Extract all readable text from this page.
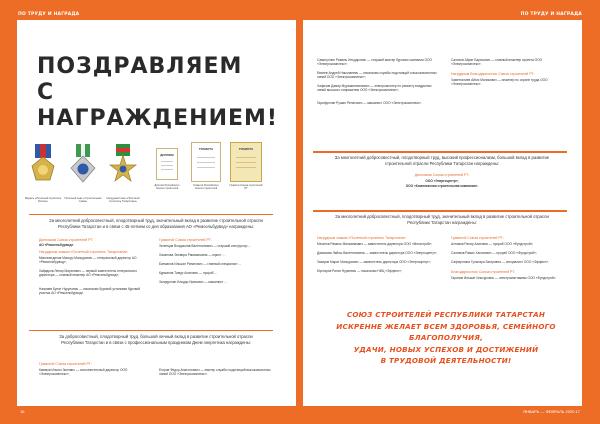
ПО ТРУДУ И НАГРАДА	ПО ТРУДУ И НАГРАДА
ПОЗДРАВЛЯЕМ
С НАГРАЖДЕНИЕМ!
Медаль «Почетный строитель России»
Почетный знак «Строительная слава»
Нагрудный знак «Почетный строитель Татарстана»
ДИПЛОМ
Диплом Российского Союза строителей
ГРАМОТА
Грамота Российского Союза строителей
ГРАМОТА
Грамота Союза строителей РТ
За многолетний добросовестный, плодотворный труд, значительный вклад в развитие строительной отрасли Республики Татарстан и в связи с 45-летием со дня образования АО «Ремсельбурвод» награждены:
Дипломом Союза строителей РТ:
АО «Ремсельбурвод».
Нагрудным знаком «Почетный строитель Татарстана»:
Мингазетдинов Мансур Мансурович — генеральный директор АО «Ремсельбурвод»;
Хайдаров Ленар Маратович — первый заместитель генерального директора — главный инженер АО «Ремсельбурвод»;
Назмиев Булат Нурулович — начальник буровой установки буровой участка АО «Ремсельбурвод».
Грамотой Союза строителей РТ:
Зеленцов Владислав Валентинович — старший инструктор ...
Хасанова Эльвира Рамазановна — юрист ...
Батманов Ильшат Ринатович — главный специалист ...
Курманов Тимур Ахатович — прораб ...
Загидуллин Ильдар Ирекович — машинист ...
За добросовестный, плодотворный труд, большой личный вклад в развитие строительной отрасли Республики Татарстан и в связи с профессиональным праздником Днем энергетика награждены:
Грамотой Союза строителей РТ:
Каюмов Ильгиз Зинович — исполнительный директор ООО «Электрокомплекс»;
Егоров Федор Анатольевич — мастер службы подстанций высоковольтных линий ООО «Электрокомплекс».
Самигуллин Рамиль Ильдарович — старший мастер буровых компании ООО «Электрокомплекс»;
Евсеев Андрей Николаевич — начальник службы подстанций и высоковольтных линий ООО «Электрокомплекс»;
Хафизов Дамир Мурзакитиванович — электромонтер по ремонту воздушных линий высокого напряжения ООО «Электрокомплекс»;
Гарифуллин Рушан Ренатович — машинист ООО «Электрокомплекс».
Салихов Айрат Барисович — главный инженер проекта ООО «Электрокомплекс».
Нагрудным Благодарностью Союза строителей РТ:
Хаметгалиев Айгиз Маликович — инженер по охране труда ООО «Электрокомплекс».
За многолетний добросовестный, плодотворный труд, высокий профессионализм, большой вклад в развитие строительной отрасли Республики Татарстан награждены:
Дипломом Союза строителей РТ:
ООО «Энергоцентр»;
ООО «Комплексная строительная компания».
За многолетний добросовестный, плодотворный труд, значительный вклад в развитие строительной отрасли Республики Татарстан награждены:
Нагрудным знаком «Почетный строитель Татарстана»:
Мезитов Рамиль Миназимович — заместитель директора ООО «Мегастрой»;
Дасимова Ляйлы Валентиновна — заместитель директора ООО «Энергоцентр»;
Закиров Марат Мансурович — заместитель директора ООО «Энергоцентр»;
Мухтаров Ринат Нуриевич — начальник НИЦ «Эффект»;
Грамотой Союза строителей РТ:
Ахтямов Ранир Азатович — прораб ООО «Фундстрой»;
Салимов Рамис Хасанович — прораб ООО «Фундстрой»;
Сафиуллина Гульнара Загировна — специалист ООО «Эффект».
Благодарностью Союза строителей РТ:
Гарипов Ильшат Ильсурович — электромонтажник ООО «Фундстрой».
СОЮЗ СТРОИТЕЛЕЙ РЕСПУБЛИКИ ТАТАРСТАН
ИСКРЕННЕ ЖЕЛАЕТ ВСЕМ ЗДОРОВЬЯ, СЕМЕЙНОГО БЛАГОПОЛУЧИЯ,
УДАЧИ, НОВЫХ УСПЕХОВ И ДОСТИЖЕНИЙ
В ТРУДОВОЙ ДЕЯТЕЛЬНОСТИ!
16	ЯНВАРЬ — ФЕВРАЛЬ 2020 17
